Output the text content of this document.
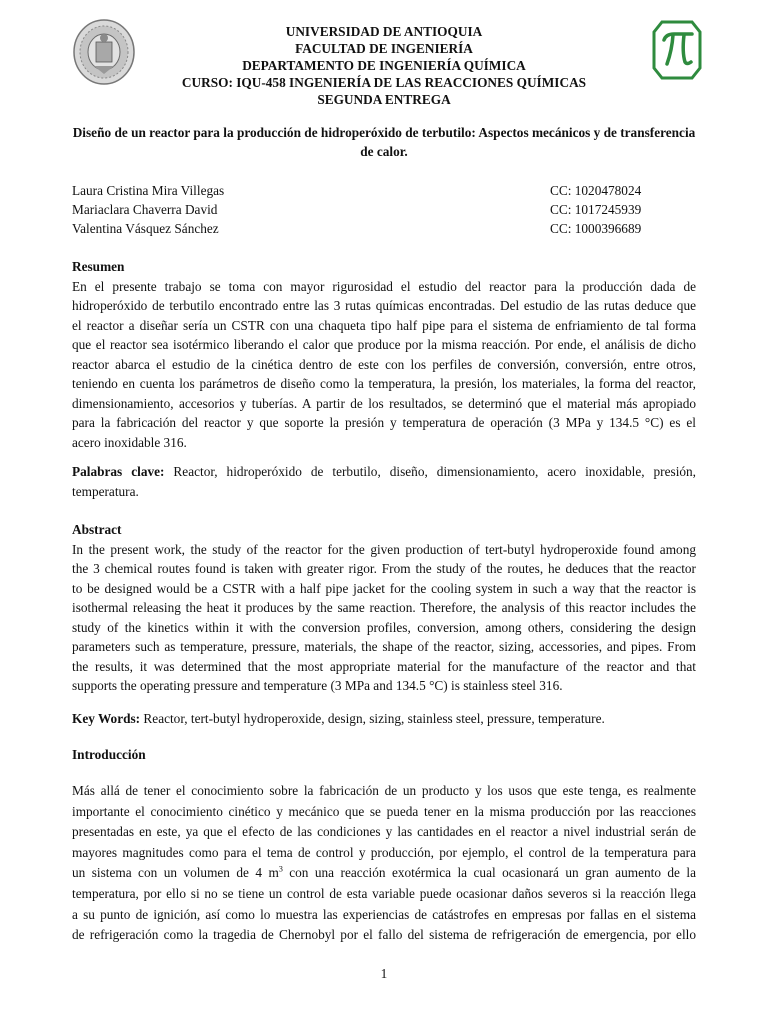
UNIVERSIDAD DE ANTIOQUIA
FACULTAD DE INGENIERÍA
DEPARTAMENTO DE INGENIERÍA QUÍMICA
CURSO: IQU-458 INGENIERÍA DE LAS REACCIONES QUÍMICAS
SEGUNDA ENTREGA
Diseño de un reactor para la producción de hidroperóxido de terbutilo: Aspectos mecánicos y de transferencia de calor.
Laura Cristina Mira Villegas	CC: 1020478024
Mariaclara Chaverra David	CC: 1017245939
Valentina Vásquez Sánchez	CC: 1000396689
Resumen
En el presente trabajo se toma con mayor rigurosidad el estudio del reactor para la producción dada de
hidroperóxido de terbutilo encontrado entre las 3 rutas químicas encontradas. Del estudio de las rutas deduce que
el reactor a diseñar sería un CSTR con una chaqueta tipo half pipe para el sistema de enfriamiento de tal forma
que el reactor sea isotérmico liberando el calor que produce por la misma reacción. Por ende, el análisis de dicho
reactor abarca el estudio de la cinética dentro de este con los perfiles de conversión, conversión, entre otros,
teniendo en cuenta los parámetros de diseño como la temperatura, la presión, los materiales, la forma del reactor,
dimensionamiento, accesorios y tuberías. A partir de los resultados, se determinó que el material más apropiado
para la fabricación del reactor y que soporte la presión y temperatura de operación (3 MPa y 134.5 °C) es el
acero inoxidable 316.
Palabras clave: Reactor, hidroperóxido de terbutilo, diseño, dimensionamiento, acero inoxidable, presión,
temperatura.
Abstract
In the present work, the study of the reactor for the given production of tert-butyl hydroperoxide found among
the 3 chemical routes found is taken with greater rigor. From the study of the routes, he deduces that the reactor
to be designed would be a CSTR with a half pipe jacket for the cooling system in such a way that the reactor is
isothermal releasing the heat it produces by the same reaction. Therefore, the analysis of this reactor includes the
study of the kinetics within it with the conversion profiles, conversion, among others, considering the design
parameters such as temperature, pressure, materials, the shape of the reactor, sizing, accessories, and pipes. From
the results, it was determined that the most appropriate material for the manufacture of the reactor and that
supports the operating pressure and temperature (3 MPa and 134.5 °C) is stainless steel 316.
Key Words: Reactor, tert-butyl hydroperoxide, design, sizing, stainless steel, pressure, temperature.
Introducción
Más allá de tener el conocimiento sobre la fabricación de un producto y los usos que este tenga, es realmente
importante el conocimiento cinético y mecánico que se pueda tener en la misma producción por las reacciones
presentadas en este, ya que el efecto de las condiciones y las cantidades en el reactor a nivel industrial serán de
mayores magnitudes como para el tema de control y producción, por ejemplo, el control de la temperatura para
un sistema con un volumen de 4 $m^3$ con una reacción exotérmica la cual ocasionará un gran aumento de la
temperatura, por ello si no se tiene un control de esta variable puede ocasionar daños severos si la reacción llega
a su punto de ignición, así como lo muestra las experiencias de catástrofes en empresas por fallas en el sistema
de refrigeración como la tragedia de Chernobyl por el fallo del sistema de refrigeración de emergencia, por ello
1
